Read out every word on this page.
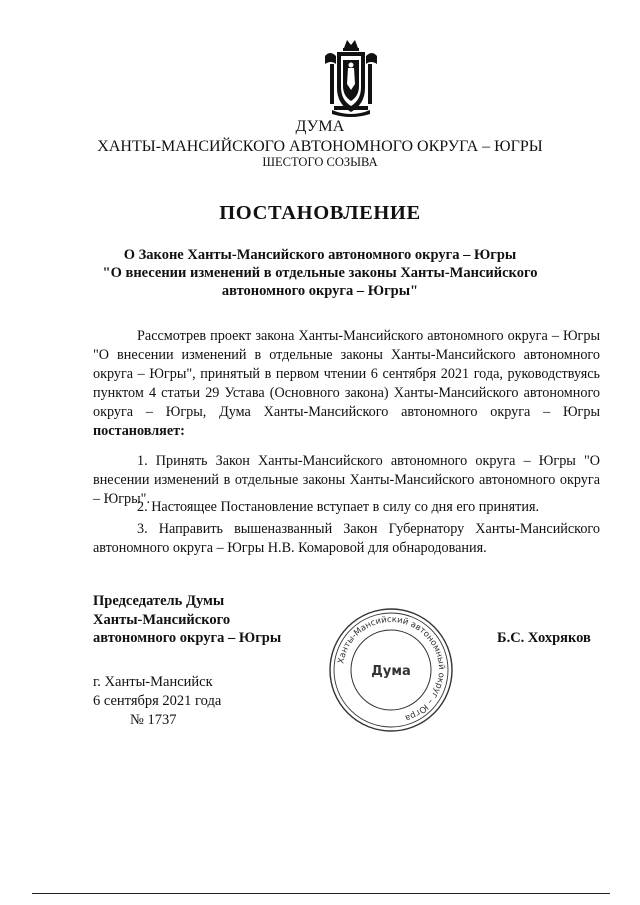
ДУМА
ХАНТЫ-МАНСИЙСКОГО АВТОНОМНОГО ОКРУГА – ЮГРЫ
ШЕСТОГО СОЗЫВА
ПОСТАНОВЛЕНИЕ
О Законе Ханты-Мансийского автономного округа – Югры
"О внесении изменений в отдельные законы Ханты-Мансийского
автономного округа – Югры"
Рассмотрев проект закона Ханты-Мансийского автономного округа – Югры "О внесении изменений в отдельные законы Ханты-Мансийского автономного округа – Югры", принятый в первом чтении 6 сентября 2021 года, руководствуясь пунктом 4 статьи 29 Устава (Основного закона) Ханты-Мансийского автономного округа – Югры, Дума Ханты-Мансийского автономного округа – Югры постановляет:
1. Принять Закон Ханты-Мансийского автономного округа – Югры "О внесении изменений в отдельные законы Ханты-Мансийского автономного округа – Югры".
2. Настоящее Постановление вступает в силу со дня его принятия.
3. Направить вышеназванный Закон Губернатору Ханты-Мансийского автономного округа – Югры Н.В. Комаровой для обнародования.
Председатель Думы
Ханты-Мансийского
автономного округа – Югры	Б.С. Хохряков
Ханты-Мансийский автономный округ – Югра
Дума
г. Ханты-Мансийск
6 сентября 2021 года
№ 1737
